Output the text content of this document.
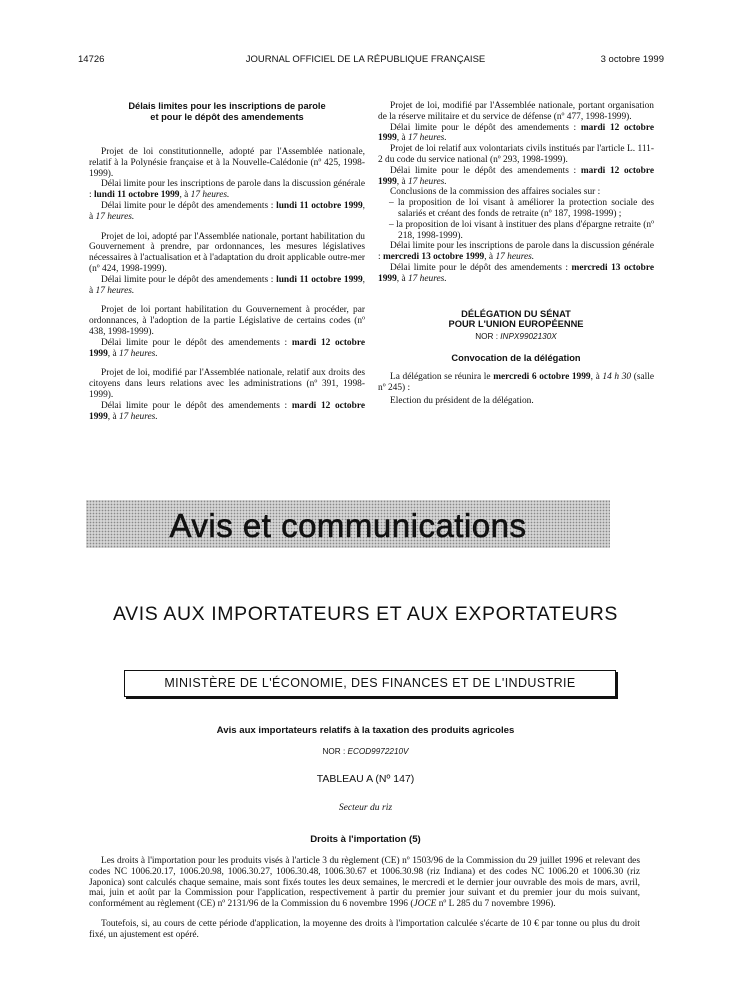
14726	JOURNAL OFFICIEL DE LA RÉPUBLIQUE FRANÇAISE	3 octobre 1999

Délais limites pour les inscriptions de parole
et pour le dépôt des amendements

Projet de loi constitutionnelle, adopté par l'Assemblée nationale, relatif à la Polynésie française et à la Nouvelle-Calédonie (nº 425, 1998-1999).

Délai limite pour les inscriptions de parole dans la discussion générale : lundi 11 octobre 1999, à 17 heures.

Délai limite pour le dépôt des amendements : lundi 11 octobre 1999, à 17 heures.

Projet de loi, adopté par l'Assemblée nationale, portant habilitation du Gouvernement à prendre, par ordonnances, les mesures législatives nécessaires à l'actualisation et à l'adaptation du droit applicable outre-mer (nº 424, 1998-1999).

Délai limite pour le dépôt des amendements : lundi 11 octobre 1999, à 17 heures.

Projet de loi portant habilitation du Gouvernement à procéder, par ordonnances, à l'adoption de la partie Législative de certains codes (nº 438, 1998-1999).

Délai limite pour le dépôt des amendements : mardi 12 octobre 1999, à 17 heures.

Projet de loi, modifié par l'Assemblée nationale, relatif aux droits des citoyens dans leurs relations avec les administrations (nº 391, 1998-1999).

Délai limite pour le dépôt des amendements : mardi 12 octobre 1999, à 17 heures.

Projet de loi, modifié par l'Assemblée nationale, portant organisation de la réserve militaire et du service de défense (nº 477, 1998-1999).

Délai limite pour le dépôt des amendements : mardi 12 octobre 1999, à 17 heures.

Projet de loi relatif aux volontariats civils institués par l'article L. 111-2 du code du service national (nº 293, 1998-1999).

Délai limite pour le dépôt des amendements : mardi 12 octobre 1999, à 17 heures.

Conclusions de la commission des affaires sociales sur :

– la proposition de loi visant à améliorer la protection sociale des salariés et créant des fonds de retraite (nº 187, 1998-1999) ;

– la proposition de loi visant à instituer des plans d'épargne retraite (nº 218, 1998-1999).

Délai limite pour les inscriptions de parole dans la discussion générale : mercredi 13 octobre 1999, à 17 heures.

Délai limite pour le dépôt des amendements : mercredi 13 octobre 1999, à 17 heures.

DÉLÉGATION DU SÉNAT
POUR L'UNION EUROPÉENNE

NOR : INPX9902130X

Convocation de la délégation

La délégation se réunira le mercredi 6 octobre 1999, à 14 h 30 (salle nº 245) :

Election du président de la délégation.

Avis et communications
AVIS AUX IMPORTATEURS ET AUX EXPORTATEURS
MINISTÈRE DE L'ÉCONOMIE, DES FINANCES ET DE L'INDUSTRIE
Avis aux importateurs relatifs à la taxation des produits agricoles
NOR : ECOD9972210V
TABLEAU A (Nº 147)
Secteur du riz
Droits à l'importation (5)

Les droits à l'importation pour les produits visés à l'article 3 du règlement (CE) nº 1503/96 de la Commission du 29 juillet 1996 et relevant des codes NC 1006.20.17, 1006.20.98, 1006.30.27, 1006.30.48, 1006.30.67 et 1006.30.98 (riz Indiana) et des codes NC 1006.20 et 1006.30 (riz Japonica) sont calculés chaque semaine, mais sont fixés toutes les deux semaines, le mercredi et le dernier jour ouvrable des mois de mars, avril, mai, juin et août par la Commission pour l'application, respectivement à partir du premier jour suivant et du premier jour du mois suivant, conformément au règlement (CE) nº 2131/96 de la Commission du 6 novembre 1996 (JOCE nº L 285 du 7 novembre 1996).

Toutefois, si, au cours de cette période d'application, la moyenne des droits à l'importation calculée s'écarte de 10 € par tonne ou plus du droit fixé, un ajustement est opéré.
